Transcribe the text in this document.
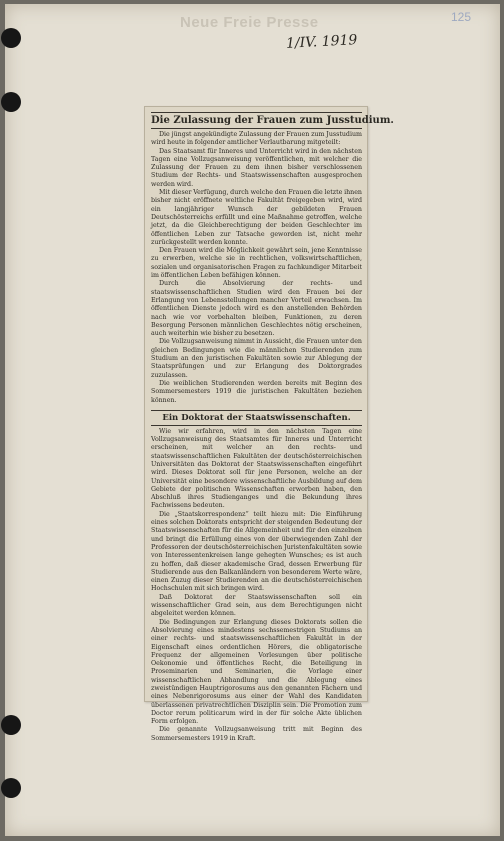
Neue Freie Presse	125
1/IV. 1919
Die Zulassung der Frauen zum Jusstudium.

Die jüngst angekündigte Zulassung der Frauen zum Jusstudium wird heute in folgender amtlicher Verlautbarung mitgeteilt:

Das Staatsamt für Inneres und Unterricht wird in den nächsten Tagen eine Vollzugsanweisung veröffentlichen, mit welcher die Zulassung der Frauen zu dem ihnen bisher verschlossenen Studium der Rechts- und Staatswissenschaften ausgesprochen werden wird.

Mit dieser Verfügung, durch welche den Frauen die letzte ihnen bisher nicht eröffnete weltliche Fakultät freigegeben wird, wird ein langjähriger Wunsch der gebildeten Frauen Deutschösterreichs erfüllt und eine Maßnahme getroffen, welche jetzt, da die Gleichberechtigung der beiden Geschlechter im öffentlichen Leben zur Tatsache geworden ist, nicht mehr zurückgestellt werden konnte.

Den Frauen wird die Möglichkeit gewährt sein, jene Kenntnisse zu erwerben, welche sie in rechtlichen, volkswirtschaftlichen, sozialen und organisatorischen Fragen zu fachkundiger Mitarbeit im öffentlichen Leben befähigen können.

Durch die Absolvierung der rechts- und staatswissenschaftlichen Studien wird den Frauen bei der Erlangung von Lebensstellungen mancher Vorteil erwachsen. Im öffentlichen Dienste jedoch wird es den anstellenden Behörden nach wie vor vorbehalten bleiben, Funktionen, zu deren Besorgung Personen männlichen Geschlechtes nötig erscheinen, auch weiterhin wie bisher zu besetzen.

Die Vollzugsanweisung nimmt in Aussicht, die Frauen unter den gleichen Bedingungen wie die männlichen Studierenden zum Studium an den juristischen Fakultäten sowie zur Ablegung der Staatsprüfungen und zur Erlangung des Doktorgrades zuzulassen.

Die weiblichen Studierenden werden bereits mit Beginn des Sommersemesters 1919 die juristischen Fakultäten beziehen können.

Ein Doktorat der Staatswissenschaften.

Wie wir erfahren, wird in den nächsten Tagen eine Vollzugsanweisung des Staatsamtes für Inneres und Unterricht erscheinen, mit welcher an den rechts- und staatswissenschaftlichen Fakultäten der deutschösterreichischen Universitäten das Doktorat der Staatswissenschaften eingeführt wird. Dieses Doktorat soll für jene Personen, welche an der Universität eine besondere wissenschaftliche Ausbildung auf dem Gebiete der politischen Wissenschaften erworben haben, den Abschluß ihres Studienganges und die Bekundung ihres Fachwissens bedeuten.

Die „Staatskorrespondenz“ teilt hiezu mit: Die Einführung eines solchen Doktorats entspricht der steigenden Bedeutung der Staatswissenschaften für die Allgemeinheit und für den einzelnen und bringt die Erfüllung eines von der überwiegenden Zahl der Professoren der deutschösterreichischen Juristenfakultäten sowie von Interessentenkreisen lange gehegten Wunsches; es ist auch zu hoffen, daß dieser akademische Grad, dessen Erwerbung für Studierende aus den Balkanländern von besonderem Werte wäre, einen Zuzug dieser Studierenden an die deutschösterreichischen Hochschulen mit sich bringen wird.

Daß Doktorat der Staatswissenschaften soll ein wissenschaftlicher Grad sein, aus dem Berechtigungen nicht abgeleitet werden können.

Die Bedingungen zur Erlangung dieses Doktorats sollen die Absolvierung eines mindestens sechssemestrigen Studiums an einer rechts- und staatswissenschaftlichen Fakultät in der Eigenschaft eines ordentlichen Hörers, die obligatorische Frequenz der allgemeinen Vorlesungen über politische Oekonomie und öffentliches Recht, die Beteiligung in Proseminarien und Seminarien, die Vorlage einer wissenschaftlichen Abhandlung und die Ablegung eines zweistündigen Hauptrigorosums aus den genannten Fächern und eines Nebenrigorosums aus einer der Wahl des Kandidaten überlassenen privatrechtlichen Disziplin sein. Die Promotion zum Doctor rerum politicarum wird in der für solche Akte üblichen Form erfolgen.

Die genannte Vollzugsanweisung tritt mit Beginn des Sommersemesters 1919 in Kraft.
